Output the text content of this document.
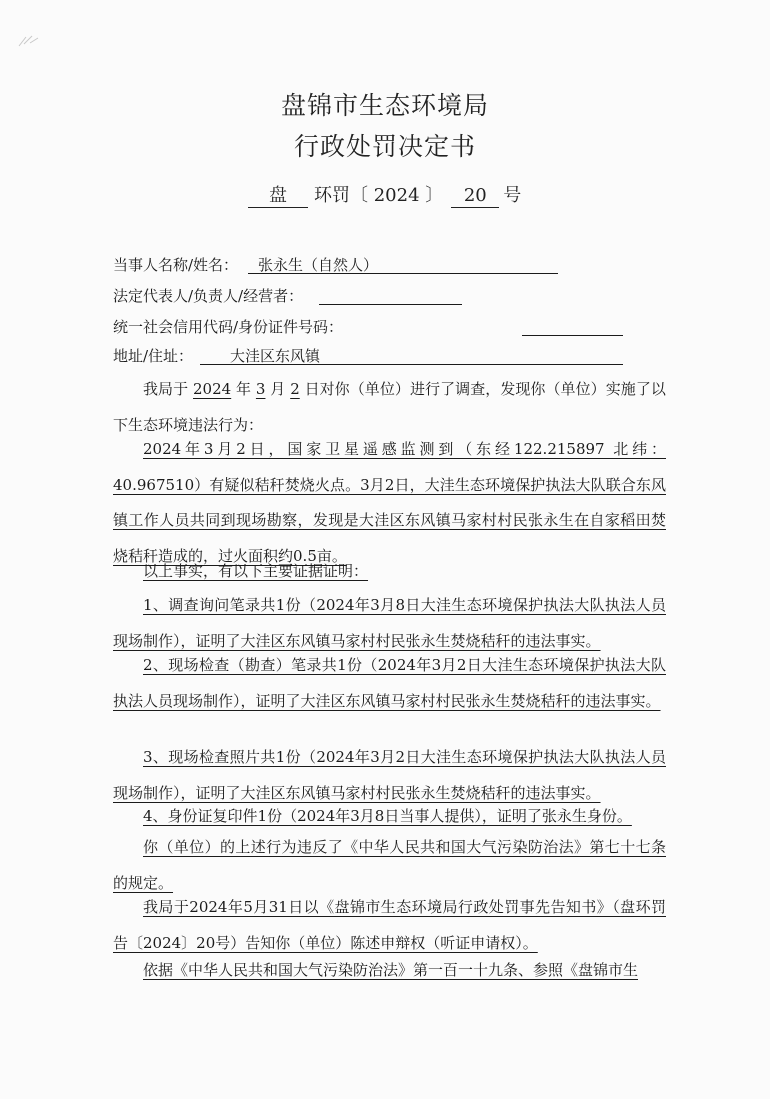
盘锦市生态环境局
行政处罚决定书
盘 环罚〔 2024 〕 20 号
当事人名称/姓名：	张永生（自然人）
法定代表人/负责人/经营者：
统一社会信用代码/身份证件号码：
地址/住址：	大洼区东风镇
我局于 2024 年 3 月 2 日对你（单位）进行了调查，发现你（单位）实施了以下生态环境违法行为：
2024年3月2日，国家卫星遥感监测到（东经122.215897 北纬：40.967510）有疑似秸秆焚烧火点。3月2日，大洼生态环境保护执法大队联合东风镇工作人员共同到现场勘察，发现是大洼区东风镇马家村村民张永生在自家稻田焚烧秸秆造成的，过火面积约0.5亩。
以上事实，有以下主要证据证明：
1、调查询问笔录共1份（2024年3月8日大洼生态环境保护执法大队执法人员现场制作），证明了大洼区东风镇马家村村民张永生焚烧秸秆的违法事实。
2、现场检查（勘查）笔录共1份（2024年3月2日大洼生态环境保护执法大队执法人员现场制作），证明了大洼区东风镇马家村村民张永生焚烧秸秆的违法事实。
3、现场检查照片共1份（2024年3月2日大洼生态环境保护执法大队执法人员现场制作），证明了大洼区东风镇马家村村民张永生焚烧秸秆的违法事实。
4、身份证复印件1份（2024年3月8日当事人提供），证明了张永生身份。
你（单位）的上述行为违反了《中华人民共和国大气污染防治法》第七十七条的规定。
我局于2024年5月31日以《盘锦市生态环境局行政处罚事先告知书》（盘环罚告〔2024〕20号）告知你（单位）陈述申辩权（听证申请权）。
依据《中华人民共和国大气污染防治法》第一百一十九条、参照《盘锦市生
